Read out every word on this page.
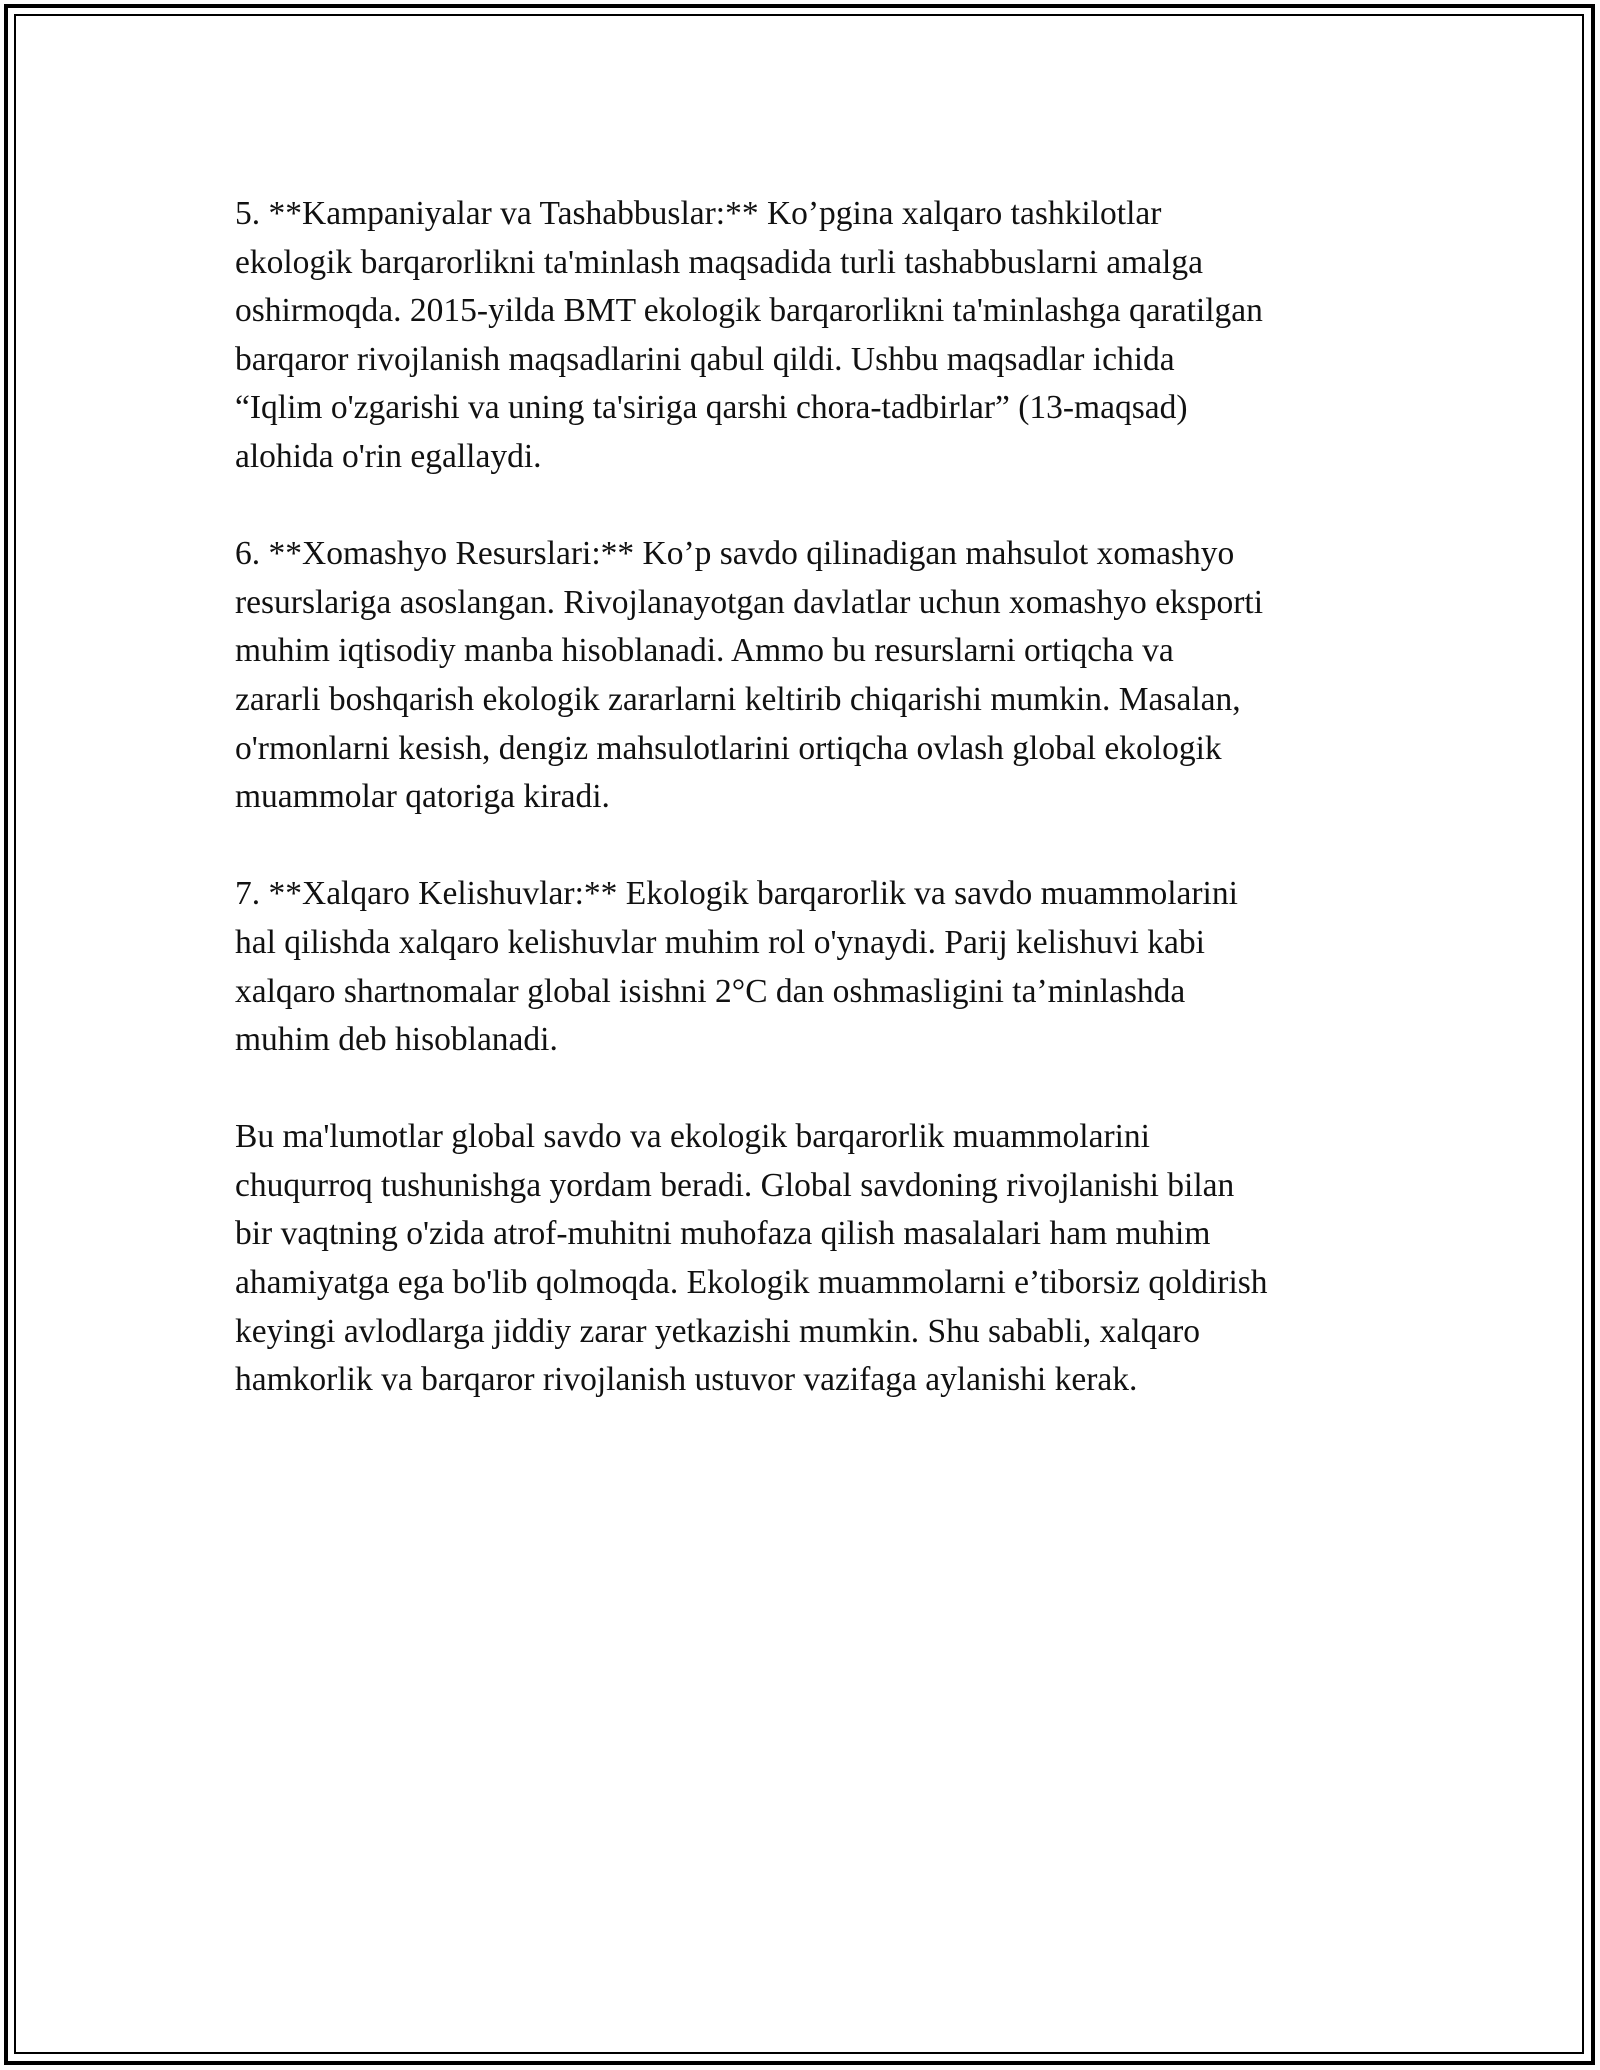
5. **Kampaniyalar va Tashabbuslar:** Ko’pgina xalqaro tashkilotlar
ekologik barqarorlikni ta'minlash maqsadida turli tashabbuslarni amalga
oshirmoqda. 2015-yilda BMT ekologik barqarorlikni ta'minlashga qaratilgan
barqaror rivojlanish maqsadlarini qabul qildi. Ushbu maqsadlar ichida
“Iqlim o'zgarishi va uning ta'siriga qarshi chora-tadbirlar” (13-maqsad)
alohida o'rin egallaydi.

6. **Xomashyo Resurslari:** Ko’p savdo qilinadigan mahsulot xomashyo
resurslariga asoslangan. Rivojlanayotgan davlatlar uchun xomashyo eksporti
muhim iqtisodiy manba hisoblanadi. Ammo bu resurslarni ortiqcha va
zararli boshqarish ekologik zararlarni keltirib chiqarishi mumkin. Masalan,
o'rmonlarni kesish, dengiz mahsulotlarini ortiqcha ovlash global ekologik
muammolar qatoriga kiradi.

7. **Xalqaro Kelishuvlar:** Ekologik barqarorlik va savdo muammolarini
hal qilishda xalqaro kelishuvlar muhim rol o'ynaydi. Parij kelishuvi kabi
xalqaro shartnomalar global isishni 2°C dan oshmasligini ta’minlashda
muhim deb hisoblanadi.

Bu ma'lumotlar global savdo va ekologik barqarorlik muammolarini
chuqurroq tushunishga yordam beradi. Global savdoning rivojlanishi bilan
bir vaqtning o'zida atrof-muhitni muhofaza qilish masalalari ham muhim
ahamiyatga ega bo'lib qolmoqda. Ekologik muammolarni e’tiborsiz qoldirish
keyingi avlodlarga jiddiy zarar yetkazishi mumkin. Shu sababli, xalqaro
hamkorlik va barqaror rivojlanish ustuvor vazifaga aylanishi kerak.
